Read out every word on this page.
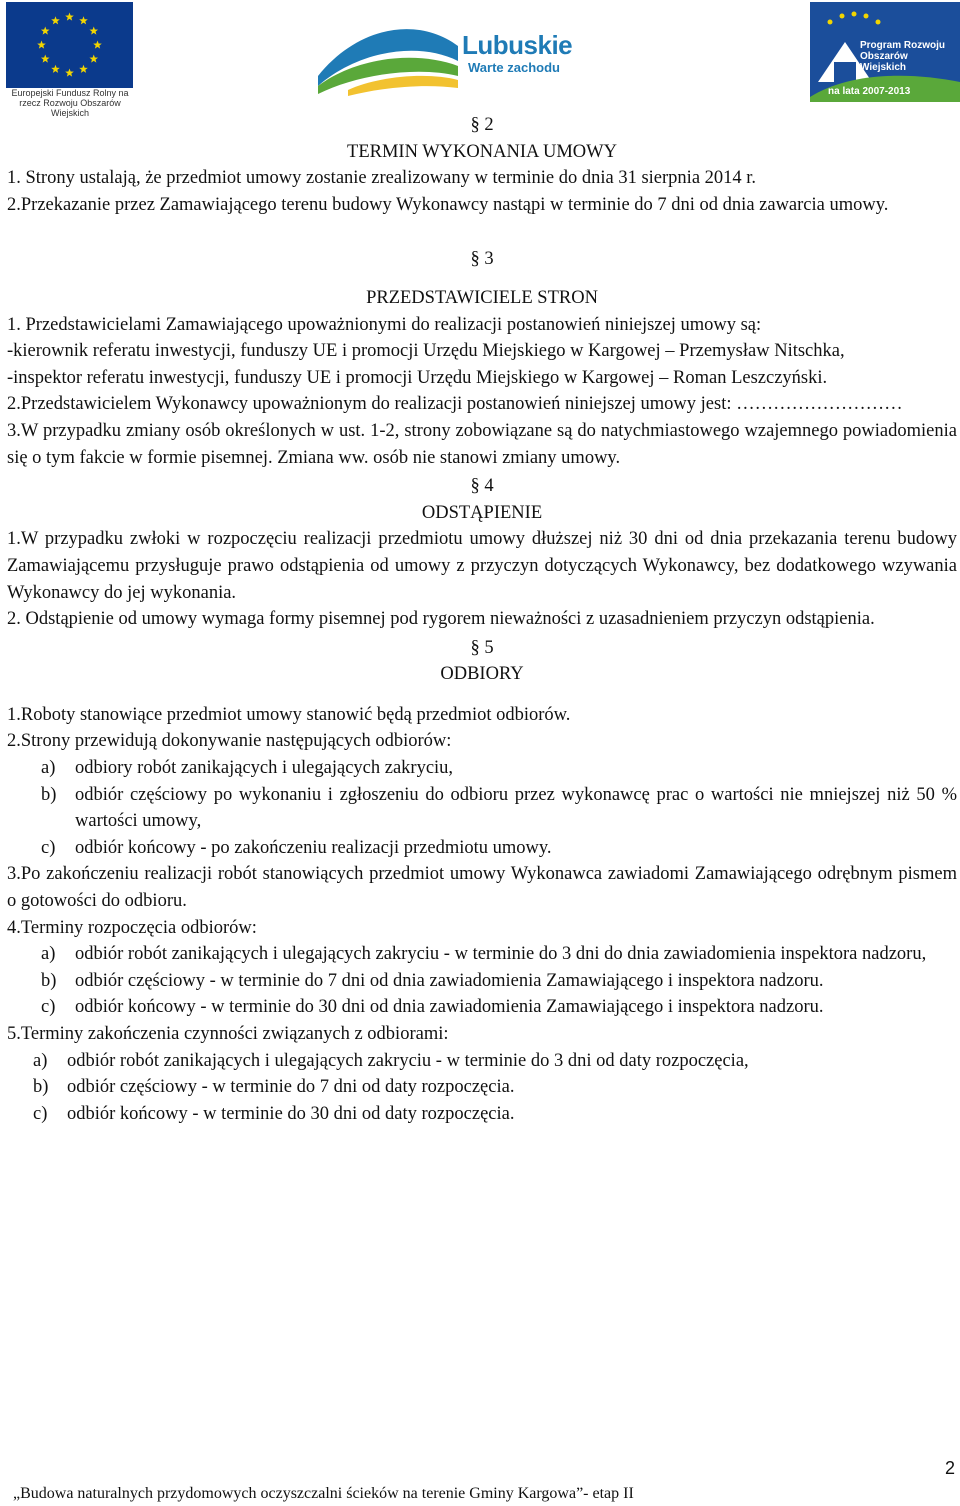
Europejski Fundusz Rolny na rzecz Rozwoju Obszarów Wiejskich
Lubuskie
Warte zachodu
Program Rozwoju Obszarów Wiejskich
na lata 2007-2013
§ 2
TERMIN WYKONANIA UMOWY
1. Strony ustalają, że przedmiot umowy zostanie zrealizowany w terminie do dnia 31 sierpnia 2014 r.
2.Przekazanie przez Zamawiającego terenu budowy Wykonawcy nastąpi w terminie do 7 dni od dnia zawarcia umowy.
§ 3
PRZEDSTAWICIELE STRON
1. Przedstawicielami Zamawiającego upoważnionymi do realizacji postanowień niniejszej umowy są:
-kierownik referatu inwestycji, funduszy UE i promocji Urzędu Miejskiego w Kargowej – Przemysław Nitschka,
-inspektor referatu inwestycji, funduszy UE i promocji Urzędu Miejskiego w Kargowej – Roman Leszczyński.
2.Przedstawicielem Wykonawcy upoważnionym do realizacji postanowień niniejszej umowy jest: ………………………
3.W przypadku zmiany osób określonych w ust. 1-2, strony zobowiązane są do natychmiastowego wzajemnego powiadomienia się o tym fakcie w formie pisemnej. Zmiana ww. osób nie stanowi zmiany umowy.
§ 4
ODSTĄPIENIE
1.W przypadku zwłoki w rozpoczęciu realizacji przedmiotu umowy dłuższej niż 30 dni od dnia przekazania terenu budowy Zamawiającemu przysługuje prawo odstąpienia od umowy z przyczyn dotyczących Wykonawcy, bez dodatkowego wzywania Wykonawcy do jej wykonania.
2. Odstąpienie od umowy wymaga formy pisemnej pod rygorem nieważności z uzasadnieniem przyczyn odstąpienia.
§ 5
ODBIORY
1.Roboty stanowiące przedmiot umowy stanowić będą przedmiot odbiorów.
2.Strony przewidują dokonywanie następujących odbiorów:
a)	odbiory robót zanikających i ulegających zakryciu,
b)	odbiór częściowy po wykonaniu i zgłoszeniu do odbioru przez wykonawcę prac o wartości nie mniejszej niż 50 % wartości umowy,
c)	odbiór końcowy - po zakończeniu realizacji przedmiotu umowy.
3.Po zakończeniu realizacji robót stanowiących przedmiot umowy Wykonawca zawiadomi Zamawiającego odrębnym pismem o gotowości do odbioru.
4.Terminy rozpoczęcia odbiorów:
a)	odbiór robót zanikających i ulegających zakryciu - w terminie do 3 dni do dnia zawiadomienia inspektora nadzoru,
b)	odbiór częściowy - w terminie do 7 dni od dnia zawiadomienia Zamawiającego i inspektora nadzoru.
c)	odbiór końcowy - w terminie do 30 dni od dnia zawiadomienia Zamawiającego i inspektora nadzoru.
5.Terminy zakończenia czynności związanych z odbiorami:
a)	odbiór robót zanikających i ulegających zakryciu - w terminie do 3 dni od daty rozpoczęcia,
b)	odbiór częściowy - w terminie do 7 dni od daty rozpoczęcia.
c)	odbiór końcowy - w terminie do 30 dni od daty rozpoczęcia.
2
„Budowa naturalnych przydomowych oczyszczalni ścieków na terenie Gminy Kargowa”- etap II
